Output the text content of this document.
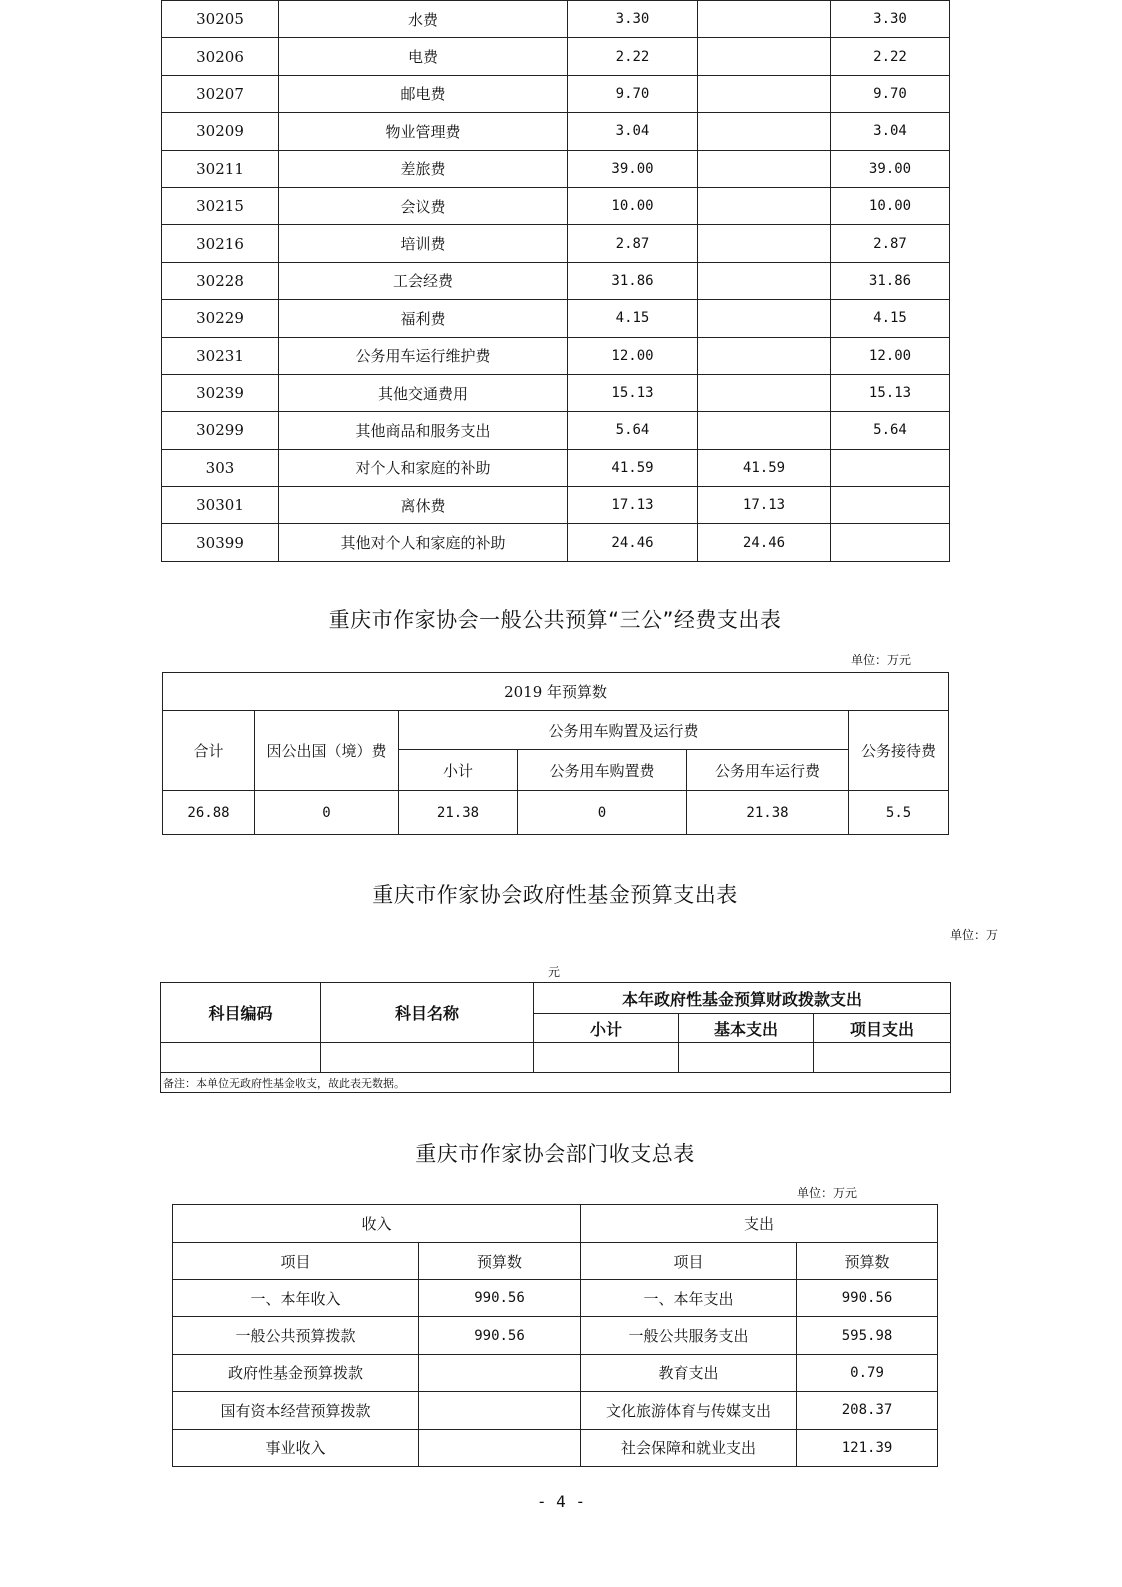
30205	水费	3.30		3.30
30206	电费	2.22		2.22
30207	邮电费	9.70		9.70
30209	物业管理费	3.04		3.04
30211	差旅费	39.00		39.00
30215	会议费	10.00		10.00
30216	培训费	2.87		2.87
30228	工会经费	31.86		31.86
30229	福利费	4.15		4.15
30231	公务用车运行维护费	12.00		12.00
30239	其他交通费用	15.13		15.13
30299	其他商品和服务支出	5.64		5.64
303	对个人和家庭的补助	41.59	41.59	
30301	离休费	17.13	17.13	
30399	其他对个人和家庭的补助	24.46	24.46	
重庆市作家协会一般公共预算“三公”经费支出表
单位：万元
2019 年预算数					
合计	因公出国（境）费	公务用车购置及运行费			公务接待费
		小计	公务用车购置费	公务用车运行费	
26.88	0	21.38	0	21.38	5.5
重庆市作家协会政府性基金预算支出表
单位：万
元
科目编码	科目名称	本年政府性基金预算财政拨款支出		
		小计	基本支出	项目支出

备注：本单位无政府性基金收支，故此表无数据。				
重庆市作家协会部门收支总表
单位：万元
收入		支出	
项目	预算数	项目	预算数
一、本年收入	990.56	一、本年支出	990.56
一般公共预算拨款	990.56	一般公共服务支出	595.98
政府性基金预算拨款		教育支出	0.79
国有资本经营预算拨款		文化旅游体育与传媒支出	208.37
事业收入		社会保障和就业支出	121.39
- 4 -
